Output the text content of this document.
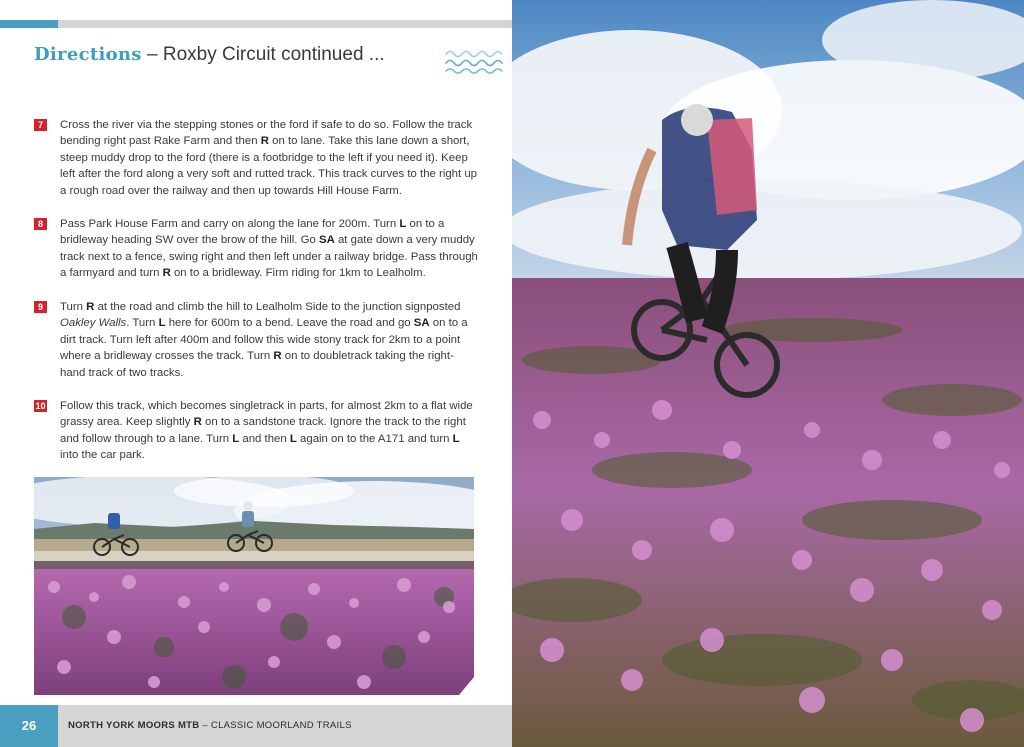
Directions – Roxby Circuit continued ...
7	Cross the river via the stepping stones or the ford if safe to do so. Follow the track bending right past Rake Farm and then R on to lane. Take this lane down a short, steep muddy drop to the ford (there is a footbridge to the left if you need it). Keep left after the ford along a very soft and rutted track. This track curves to the right up a rough road over the railway and then up towards Hill House Farm.
8	Pass Park House Farm and carry on along the lane for 200m. Turn L on to a bridleway heading SW over the brow of the hill. Go SA at gate down a very muddy track next to a fence, swing right and then left under a railway bridge. Pass through a farmyard and turn R on to a bridleway. Firm riding for 1km to Lealholm.
9	Turn R at the road and climb the hill to Lealholm Side to the junction signposted Oakley Walls. Turn L here for 600m to a bend. Leave the road and go SA on to a dirt track. Turn left after 400m and follow this wide stony track for 2km to a point where a bridleway crosses the track. Turn R on to doubletrack taking the right-hand track of two tracks.
10 Follow this track, which becomes singletrack in parts, for almost 2km to a flat wide grassy area. Keep slightly R on to a sandstone track. Ignore the track to the right and follow through to a lane. Turn L and then L again on to the A171 and turn L into the car park.
26	NORTH YORK MOORS MTB – CLASSIC MOORLAND TRAILS
